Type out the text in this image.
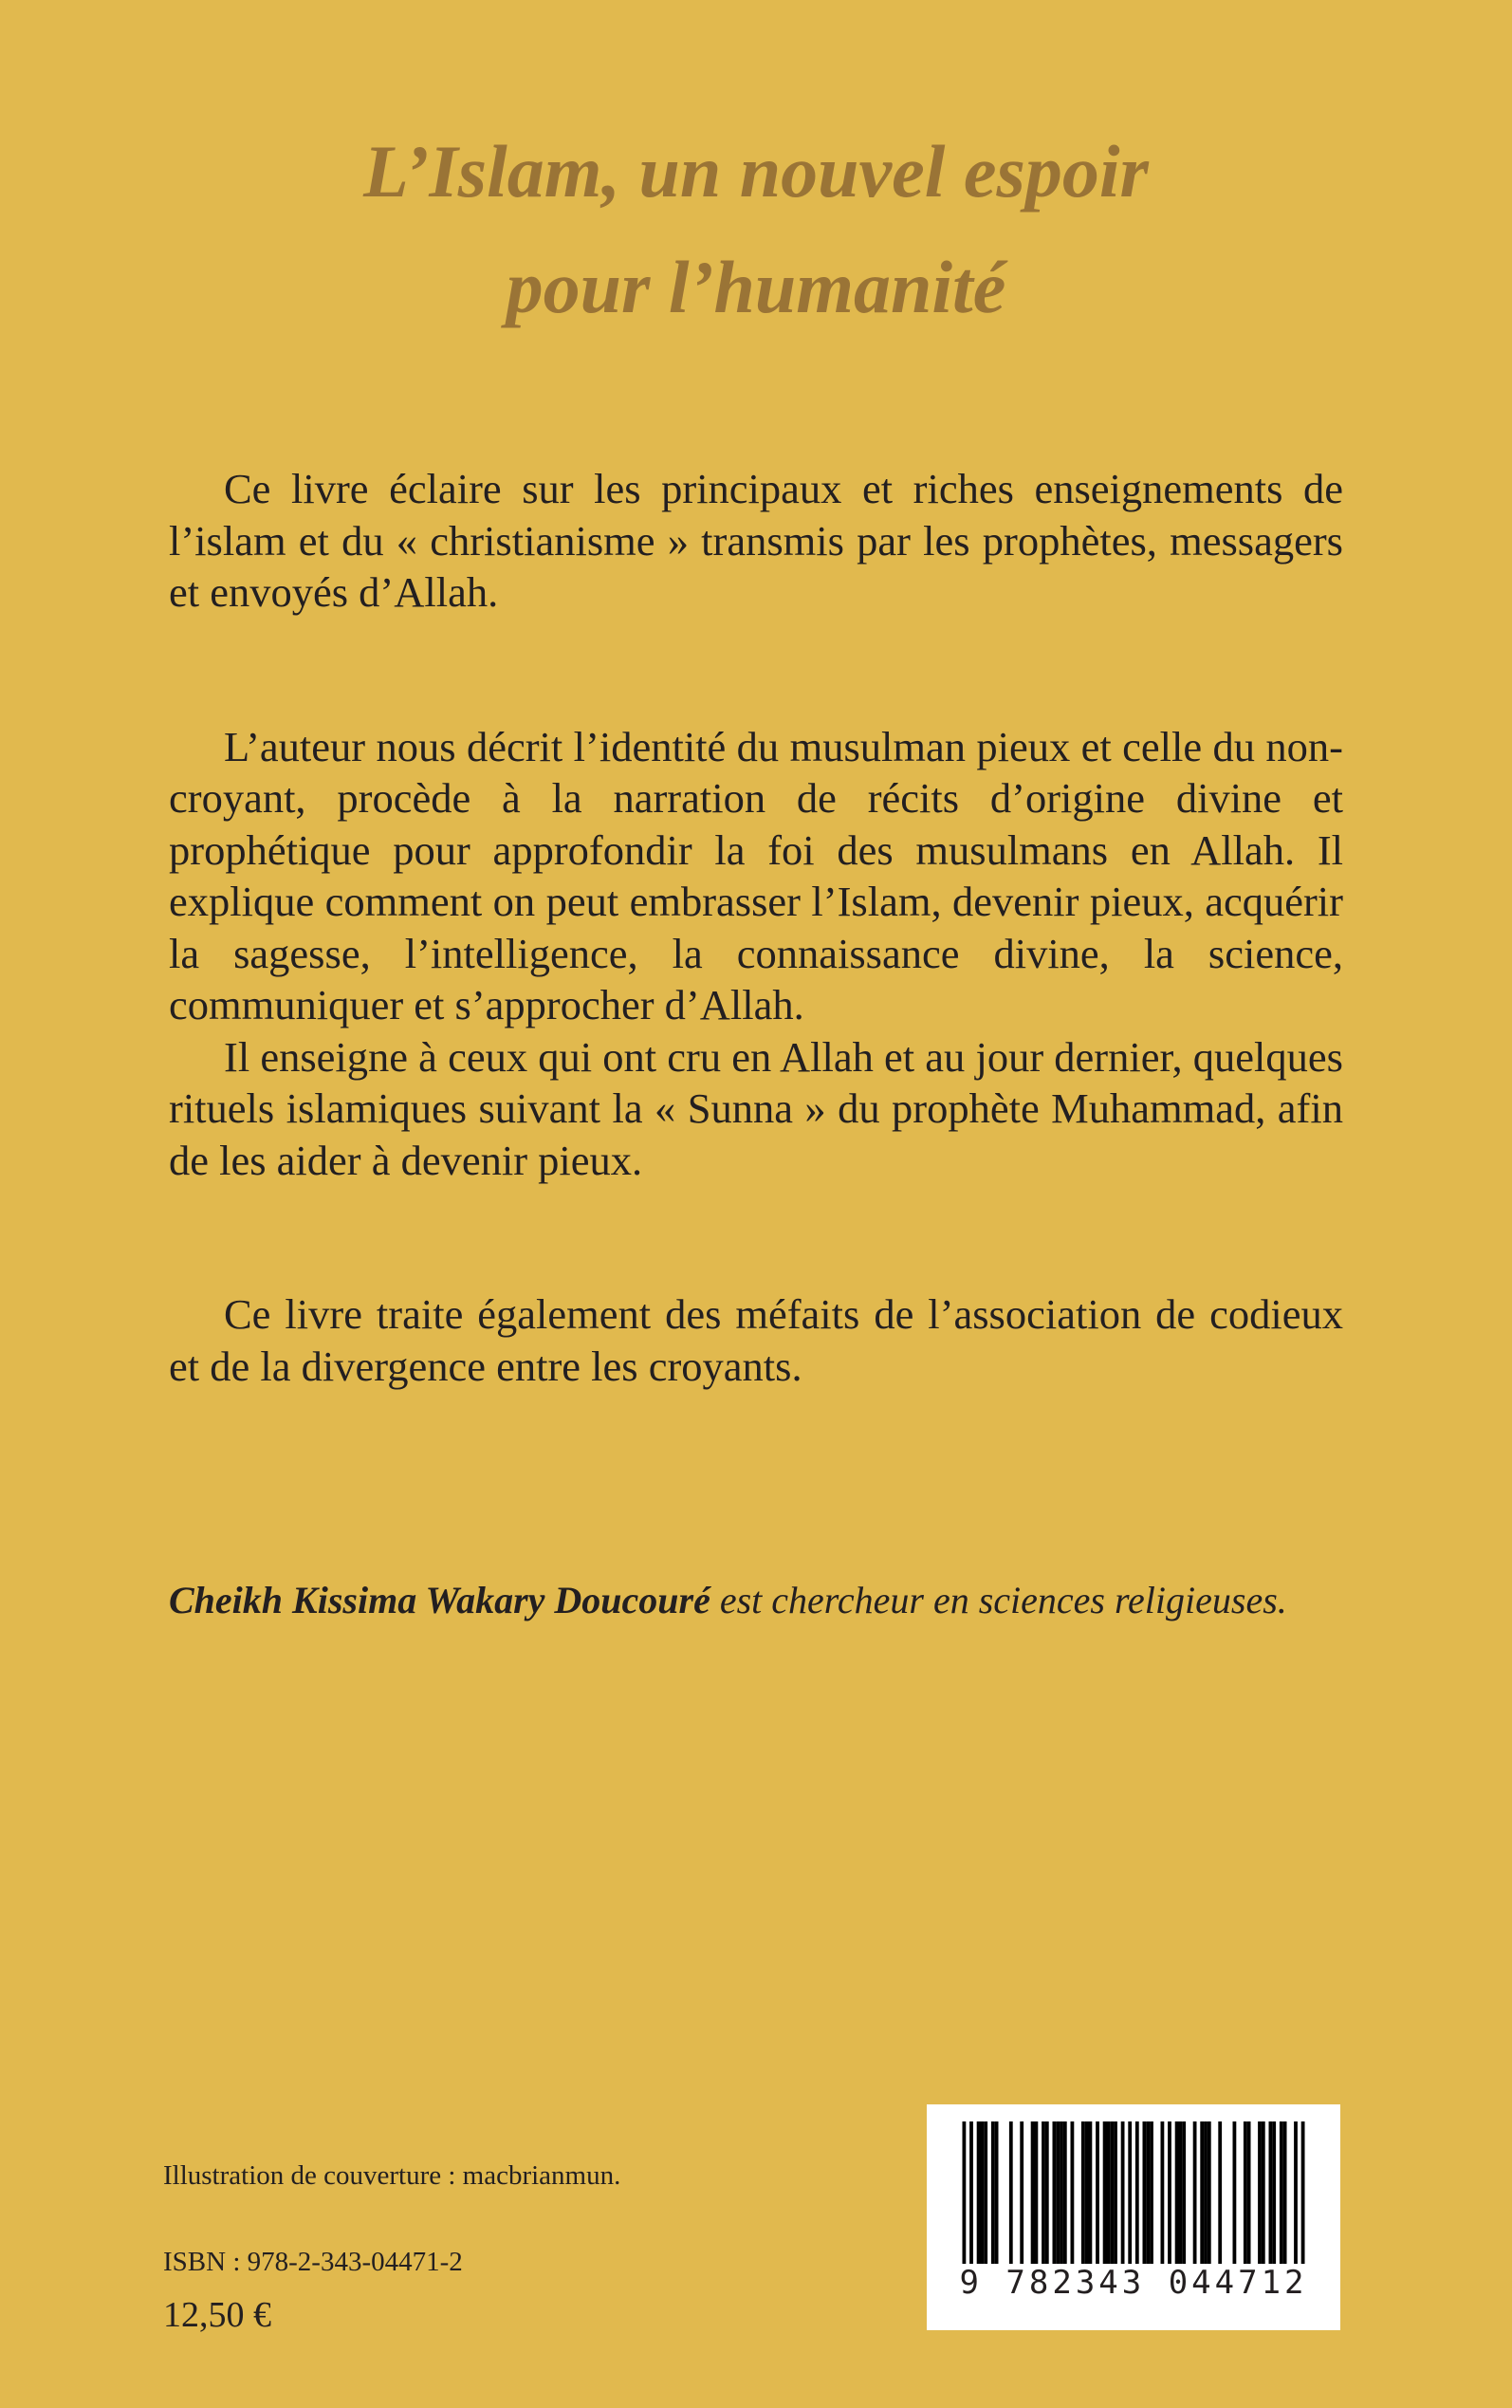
L’Islam, un nouvel espoir
pour l’humanité

Ce livre éclaire sur les principaux et riches enseignements de l’islam et du « christianisme » transmis par les prophètes, messagers et envoyés d’Allah.

L’auteur nous décrit l’identité du musulman pieux et celle du non-croyant, procède à la narration de récits d’origine divine et prophétique pour approfondir la foi des musulmans en Allah. Il explique comment on peut embrasser l’Islam, devenir pieux, acquérir la sagesse, l’intelligence, la connaissance divine, la science, communiquer et s’approcher d’Allah.

Il enseigne à ceux qui ont cru en Allah et au jour dernier, quelques rituels islamiques suivant la « Sunna » du prophète Muhammad, afin de les aider à devenir pieux.

Ce livre traite également des méfaits de l’association de codieux et de la divergence entre les croyants.

Cheikh Kissima Wakary Doucouré est chercheur en sciences religieuses.
Illustration de couverture : macbrianmun.
ISBN : 978-2-343-04471-2
12,50 €
9 782343 044712
